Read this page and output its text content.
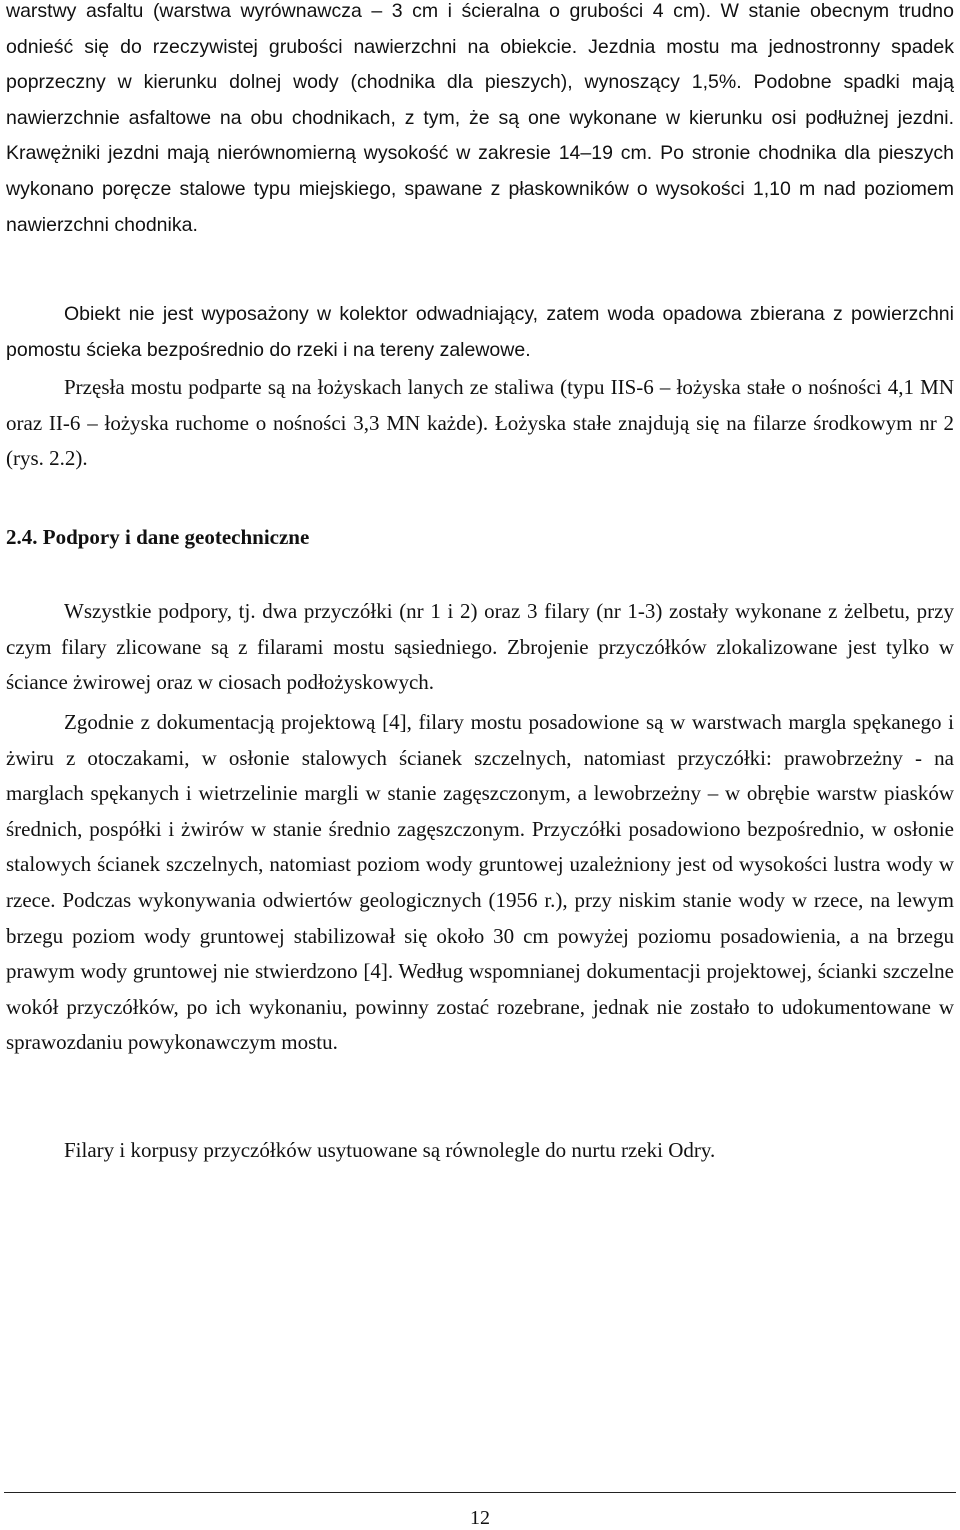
warstwy asfaltu (warstwa wyrównawcza – 3 cm i ścieralna o grubości 4 cm). W stanie obecnym trudno odnieść się do rzeczywistej grubości nawierzchni na obiekcie. Jezdnia mostu ma jednostronny spadek poprzeczny w kierunku dolnej wody (chodnika dla pieszych), wynoszący 1,5%. Podobne spadki mają nawierzchnie asfaltowe na obu chodnikach, z tym, że są one wykonane w kierunku osi podłużnej jezdni. Krawężniki jezdni mają nierównomierną wysokość w zakresie 14–19 cm. Po stronie chodnika dla pieszych wykonano poręcze stalowe typu miejskiego, spawane z płaskowników o wysokości 1,10 m nad poziomem nawierzchni chodnika.

Obiekt nie jest wyposażony w kolektor odwadniający, zatem woda opadowa zbierana z powierzchni pomostu ścieka bezpośrednio do rzeki i na tereny zalewowe.

Przęsła mostu podparte są na łożyskach lanych ze staliwa (typu IIS-6 – łożyska stałe o nośności 4,1 MN oraz II-6 – łożyska ruchome o nośności 3,3 MN każde). Łożyska stałe znajdują się na filarze środkowym nr 2 (rys. 2.2).

2.4. Podpory i dane geotechniczne

Wszystkie podpory, tj. dwa przyczółki (nr 1 i 2) oraz 3 filary (nr 1-3) zostały wykonane z żelbetu, przy czym filary zlicowane są z filarami mostu sąsiedniego. Zbrojenie przyczółków zlokalizowane jest tylko w ściance żwirowej oraz w ciosach podłożyskowych.

Zgodnie z dokumentacją projektową [4], filary mostu posadowione są w warstwach margla spękanego i żwiru z otoczakami, w osłonie stalowych ścianek szczelnych, natomiast przyczółki: prawobrzeżny - na marglach spękanych i wietrzelinie margli w stanie zagęszczonym, a lewobrzeżny – w obrębie warstw piasków średnich, pospółki i żwirów w stanie średnio zagęszczonym. Przyczółki posadowiono bezpośrednio, w osłonie stalowych ścianek szczelnych, natomiast poziom wody gruntowej uzależniony jest od wysokości lustra wody w rzece. Podczas wykonywania odwiertów geologicznych (1956 r.), przy niskim stanie wody w rzece, na lewym brzegu poziom wody gruntowej stabilizował się około 30 cm powyżej poziomu posadowienia, a na brzegu prawym wody gruntowej nie stwierdzono [4]. Według wspomnianej dokumentacji projektowej, ścianki szczelne wokół przyczółków, po ich wykonaniu, powinny zostać rozebrane, jednak nie zostało to udokumentowane w sprawozdaniu powykonawczym mostu.

Filary i korpusy przyczółków usytuowane są równolegle do nurtu rzeki Odry.

12
